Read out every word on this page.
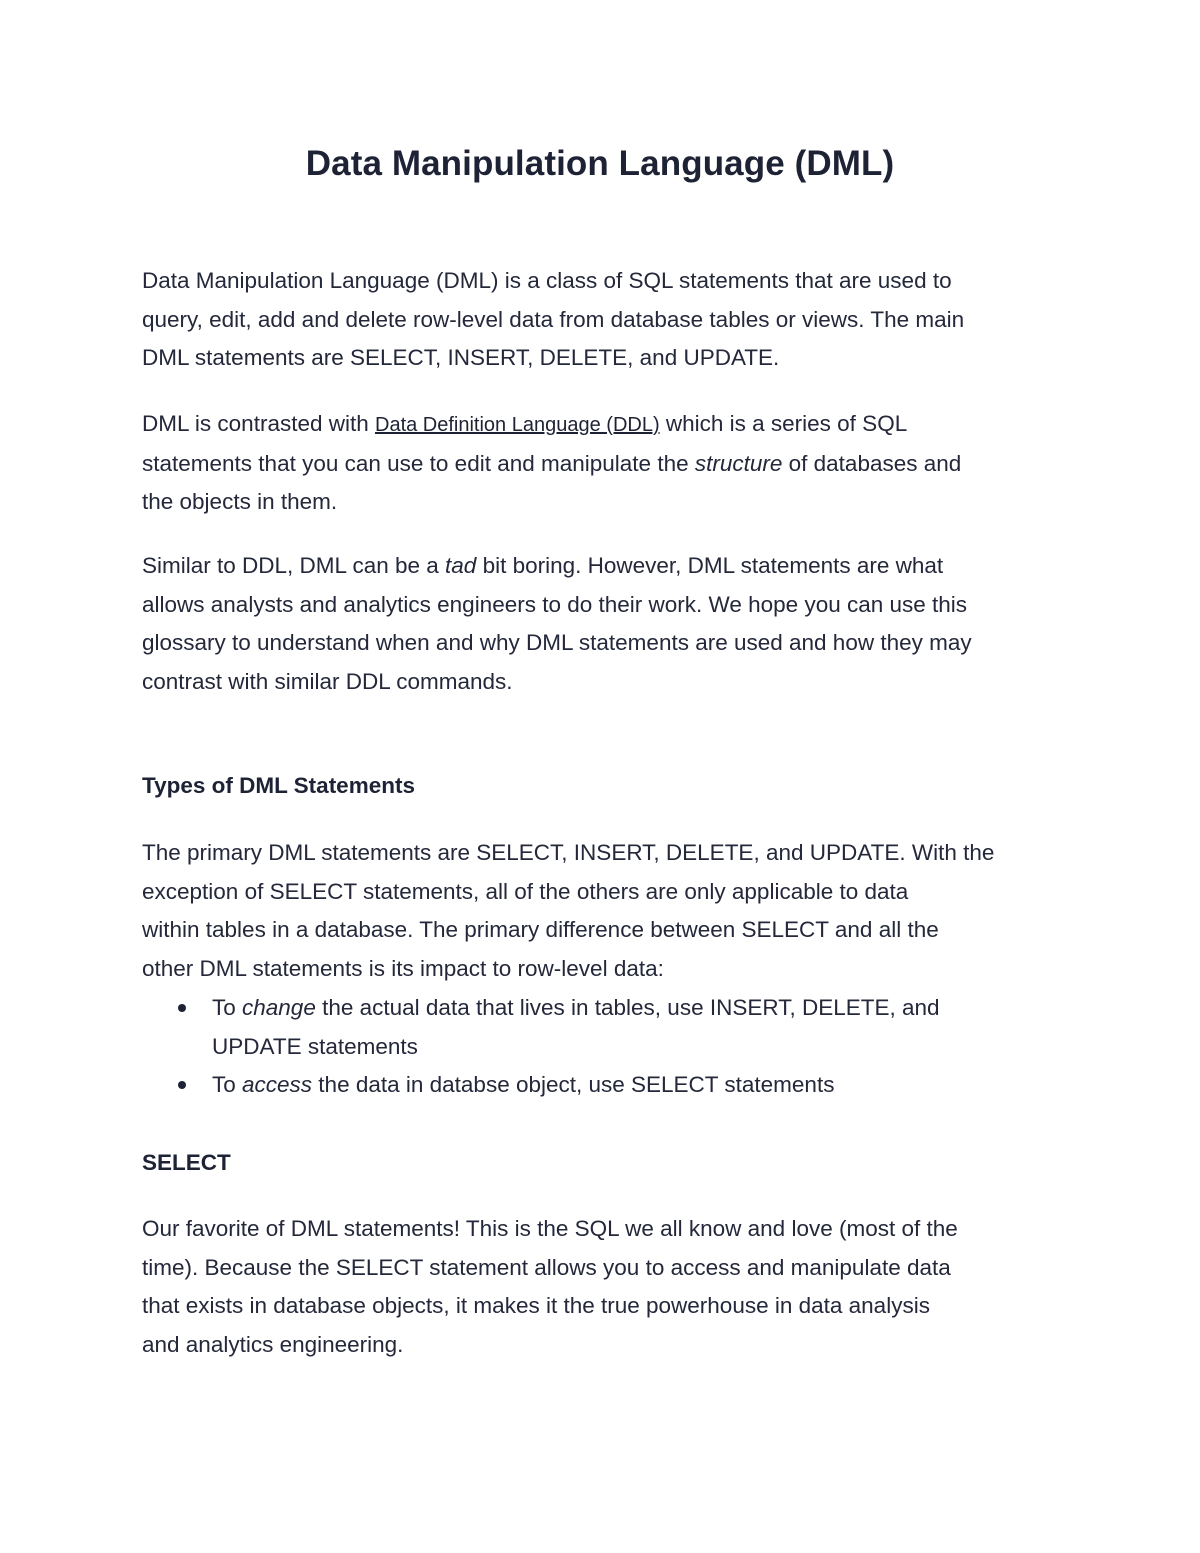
Data Manipulation Language (DML)
Data Manipulation Language (DML) is a class of SQL statements that are used to
query, edit, add and delete row-level data from database tables or views. The main
DML statements are SELECT, INSERT, DELETE, and UPDATE.
DML is contrasted with Data Definition Language (DDL) which is a series of SQL
statements that you can use to edit and manipulate the structure of databases and
the objects in them.
Similar to DDL, DML can be a tad bit boring. However, DML statements are what
allows analysts and analytics engineers to do their work. We hope you can use this
glossary to understand when and why DML statements are used and how they may
contrast with similar DDL commands.
Types of DML Statements
The primary DML statements are SELECT, INSERT, DELETE, and UPDATE. With the
exception of SELECT statements, all of the others are only applicable to data
within tables in a database. The primary difference between SELECT and all the
other DML statements is its impact to row-level data:
To change the actual data that lives in tables, use INSERT, DELETE, and
UPDATE statements
To access the data in databse object, use SELECT statements
SELECT
Our favorite of DML statements! This is the SQL we all know and love (most of the
time). Because the SELECT statement allows you to access and manipulate data
that exists in database objects, it makes it the true powerhouse in data analysis
and analytics engineering.
